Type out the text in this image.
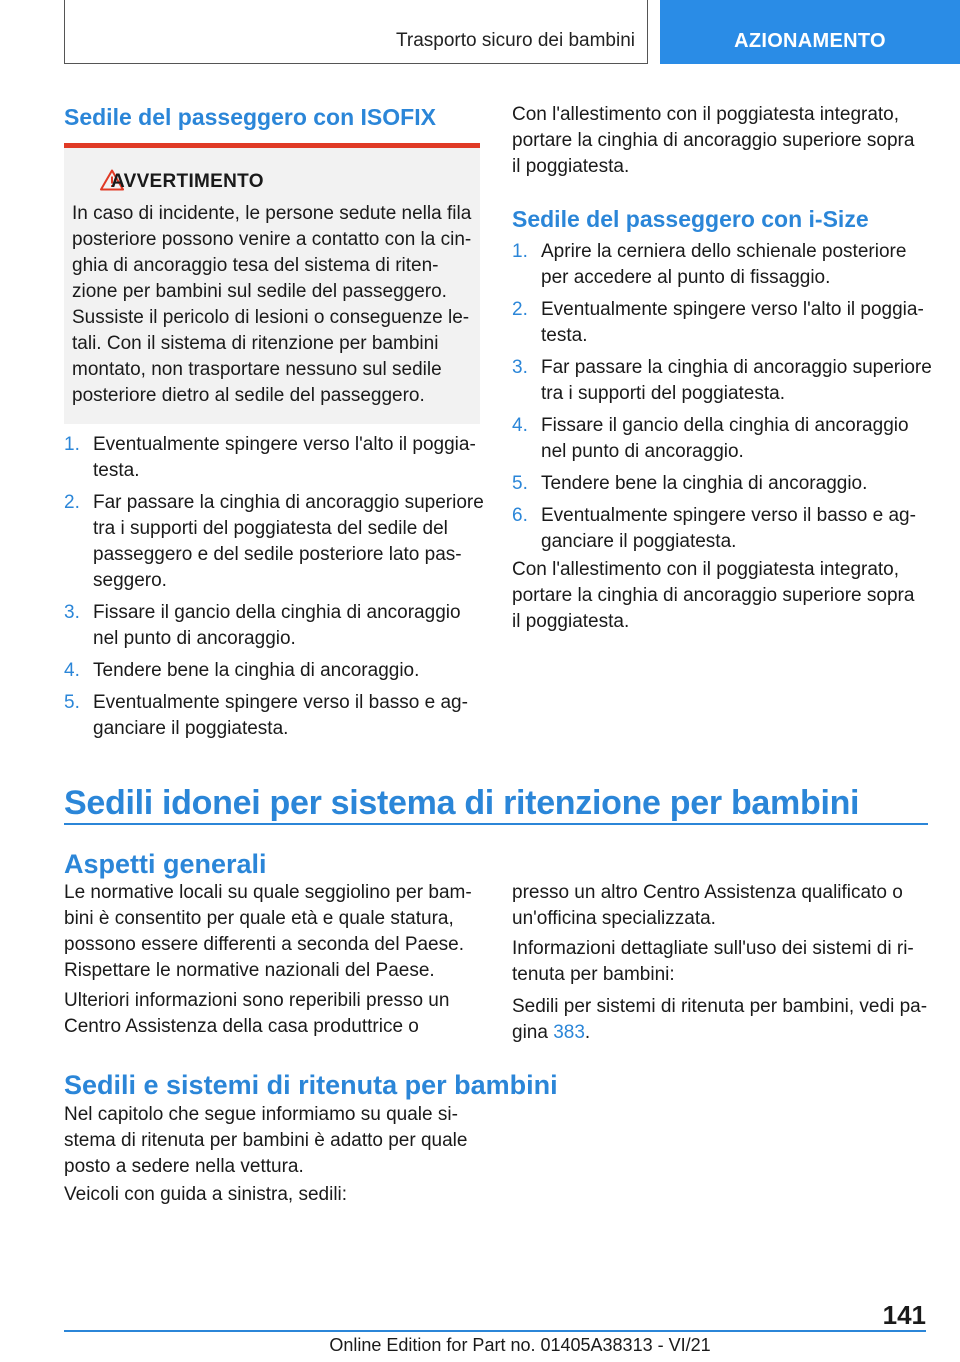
Trasporto sicuro dei bambini	AZIONAMENTO
Sedile del passeggero con ISOFIX
AVVERTIMENTO
In caso di incidente, le persone sedute nella fila posteriore possono venire a contatto con la cin-ghia di ancoraggio tesa del sistema di riten-zione per bambini sul sedile del passeggero. Sussiste il pericolo di lesioni o conseguenze le-tali. Con il sistema di ritenzione per bambini montato, non trasportare nessuno sul sedile posteriore dietro al sedile del passeggero.
1. Eventualmente spingere verso l'alto il poggia-testa.
2. Far passare la cinghia di ancoraggio superiore tra i supporti del poggiatesta del sedile del passeggero e del sedile posteriore lato pas-seggero.
3. Fissare il gancio della cinghia di ancoraggio nel punto di ancoraggio.
4. Tendere bene la cinghia di ancoraggio.
5. Eventualmente spingere verso il basso e ag-ganciare il poggiatesta.
Con l'allestimento con il poggiatesta integrato, portare la cinghia di ancoraggio superiore sopra il poggiatesta.
Sedile del passeggero con i-Size
1. Aprire la cerniera dello schienale posteriore per accedere al punto di fissaggio.
2. Eventualmente spingere verso l'alto il poggia-testa.
3. Far passare la cinghia di ancoraggio superiore tra i supporti del poggiatesta.
4. Fissare il gancio della cinghia di ancoraggio nel punto di ancoraggio.
5. Tendere bene la cinghia di ancoraggio.
6. Eventualmente spingere verso il basso e ag-ganciare il poggiatesta.
Con l'allestimento con il poggiatesta integrato, portare la cinghia di ancoraggio superiore sopra il poggiatesta.
Sedili idonei per sistema di ritenzione per bambini
Aspetti generali
Le normative locali su quale seggiolino per bam-bini è consentito per quale età e quale statura, possono essere differenti a seconda del Paese. Rispettare le normative nazionali del Paese.
Ulteriori informazioni sono reperibili presso un Centro Assistenza della casa produttrice o
presso un altro Centro Assistenza qualificato o un'officina specializzata.
Informazioni dettagliate sull'uso dei sistemi di ri-tenuta per bambini:
Sedili per sistemi di ritenuta per bambini, vedi pa-gina 383.
Sedili e sistemi di ritenuta per bambini
Nel capitolo che segue informiamo su quale si-stema di ritenuta per bambini è adatto per quale posto a sedere nella vettura.
Veicoli con guida a sinistra, sedili:
141
Online Edition for Part no. 01405A38313 - VI/21
